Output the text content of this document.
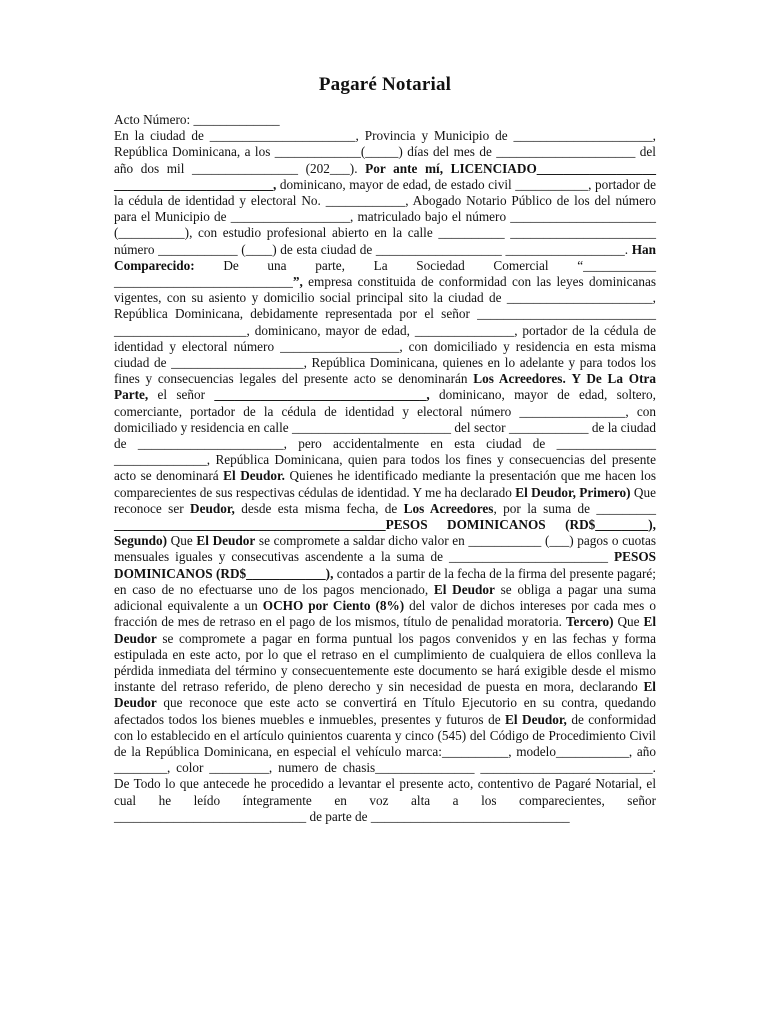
Pagaré Notarial

Acto Número: _____________

En la ciudad de ______________________, Provincia y Municipio de _____________________, República Dominicana, a los _____________(_____) días del mes de _____________________ del año dos mil ________________ (202___). Por ante mí, LICENCIADO__________________ ________________________, dominicano, mayor de edad, de estado civil ___________, portador de la cédula de identidad y electoral No. ____________, Abogado Notario Público de los del número para el Municipio de __________________, matriculado bajo el número ______________________ (__________), con estudio profesional abierto en la calle __________ ______________________ número ____________ (____) de esta ciudad de ___________________ __________________. Han Comparecido: De una parte, La Sociedad Comercial “___________ ___________________________”, empresa constituida de conformidad con las leyes dominicanas vigentes, con su asiento y domicilio social principal sito la ciudad de ______________________, República Dominicana, debidamente representada por el señor ___________________________ ____________________, dominicano, mayor de edad, _______________, portador de la cédula de identidad y electoral número __________________, con domiciliado y residencia en esta misma ciudad de ____________________, República Dominicana, quienes en lo adelante y para todos los fines y consecuencias legales del presente acto se denominarán Los Acreedores. Y De La Otra Parte, el señor ________________________________, dominicano, mayor de edad, soltero, comerciante, portador de la cédula de identidad y electoral número ________________, con domiciliado y residencia en calle ________________________ del sector ____________ de la ciudad de ______________________, pero accidentalmente en esta ciudad de _______________ ______________, República Dominicana, quien para todos los fines y consecuencias del presente acto se denominará El Deudor. Quienes he identificado mediante la presentación que me hacen los comparecientes de sus respectivas cédulas de identidad. Y me ha declarado El Deudor, Primero) Que reconoce ser Deudor, desde esta misma fecha, de Los Acreedores, por la suma de _________ _________________________________________PESOS DOMINICANOS (RD$________), Segundo) Que El Deudor se compromete a saldar dicho valor en ___________ (___) pagos o cuotas mensuales iguales y consecutivas ascendente a la suma de ________________________ PESOS DOMINICANOS (RD$____________), contados a partir de la fecha de la firma del presente pagaré; en caso de no efectuarse uno de los pagos mencionado, El Deudor se obliga a pagar una suma adicional equivalente a un OCHO por Ciento (8%) del valor de dichos intereses por cada mes o fracción de mes de retraso en el pago de los mismos, título de penalidad moratoria. Tercero) Que El Deudor se compromete a pagar en forma puntual los pagos convenidos y en las fechas y forma estipulada en este acto, por lo que el retraso en el cumplimiento de cualquiera de ellos conlleva la pérdida inmediata del término y consecuentemente este documento se hará exigible desde el mismo instante del retraso referido, de pleno derecho y sin necesidad de puesta en mora, declarando El Deudor que reconoce que este acto se convertirá en Título Ejecutorio en su contra, quedando afectados todos los bienes muebles e inmuebles, presentes y futuros de El Deudor, de conformidad con lo establecido en el artículo quinientos cuarenta y cinco (545) del Código de Procedimiento Civil de la República Dominicana, en especial el vehículo marca:__________, modelo___________, año ________, color _________, numero de chasis_______________ __________________________. De Todo lo que antecede he procedido a levantar el presente acto, contentivo de Pagaré Notarial, el cual he leído íntegramente en voz alta a los comparecientes, señor _____________________________ de parte de ______________________________
